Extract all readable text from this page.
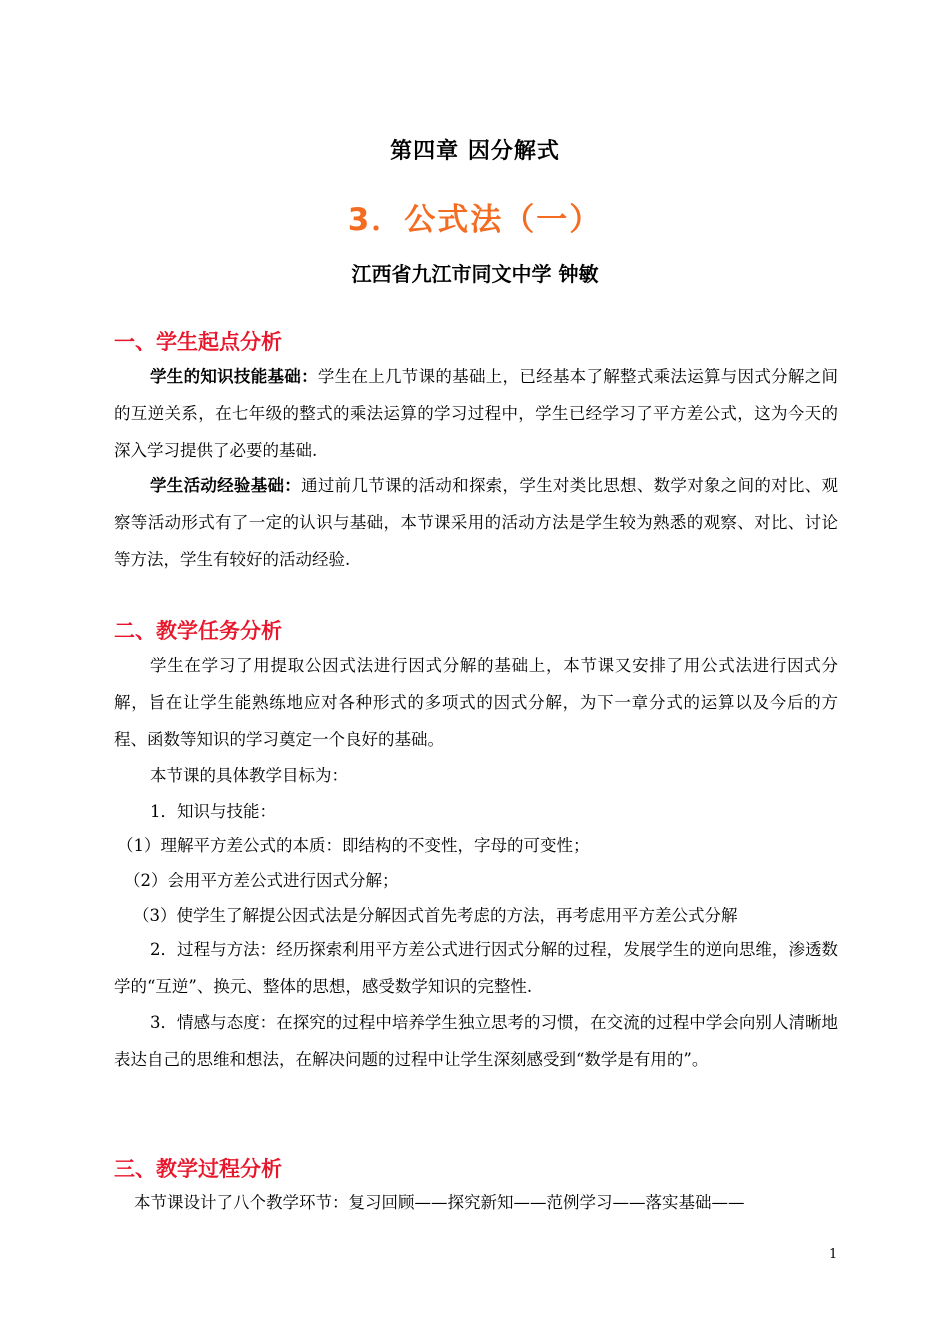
第四章 因分解式
3．公式法（一）
江西省九江市同文中学 钟敏
一、学生起点分析

学生的知识技能基础：学生在上几节课的基础上，已经基本了解整式乘法运算与因式分解之间的互逆关系，在七年级的整式的乘法运算的学习过程中，学生已经学习了平方差公式，这为今天的深入学习提供了必要的基础.

学生活动经验基础：通过前几节课的活动和探索，学生对类比思想、数学对象之间的对比、观察等活动形式有了一定的认识与基础，本节课采用的活动方法是学生较为熟悉的观察、对比、讨论等方法，学生有较好的活动经验.

二、教学任务分析

学生在学习了用提取公因式法进行因式分解的基础上，本节课又安排了用公式法进行因式分解，旨在让学生能熟练地应对各种形式的多项式的因式分解，为下一章分式的运算以及今后的方程、函数等知识的学习奠定一个良好的基础。

本节课的具体教学目标为：

1．知识与技能：

（1）理解平方差公式的本质：即结构的不变性，字母的可变性；

（2）会用平方差公式进行因式分解；

（3）使学生了解提公因式法是分解因式首先考虑的方法，再考虑用平方差公式分解

2．过程与方法：经历探索利用平方差公式进行因式分解的过程，发展学生的逆向思维，渗透数学的“互逆”、换元、整体的思想，感受数学知识的完整性.

3．情感与态度：在探究的过程中培养学生独立思考的习惯，在交流的过程中学会向别人清晰地表达自己的思维和想法，在解决问题的过程中让学生深刻感受到“数学是有用的”。

三、教学过程分析

本节课设计了八个教学环节：复习回顾——探究新知——范例学习——落实基础——

1
